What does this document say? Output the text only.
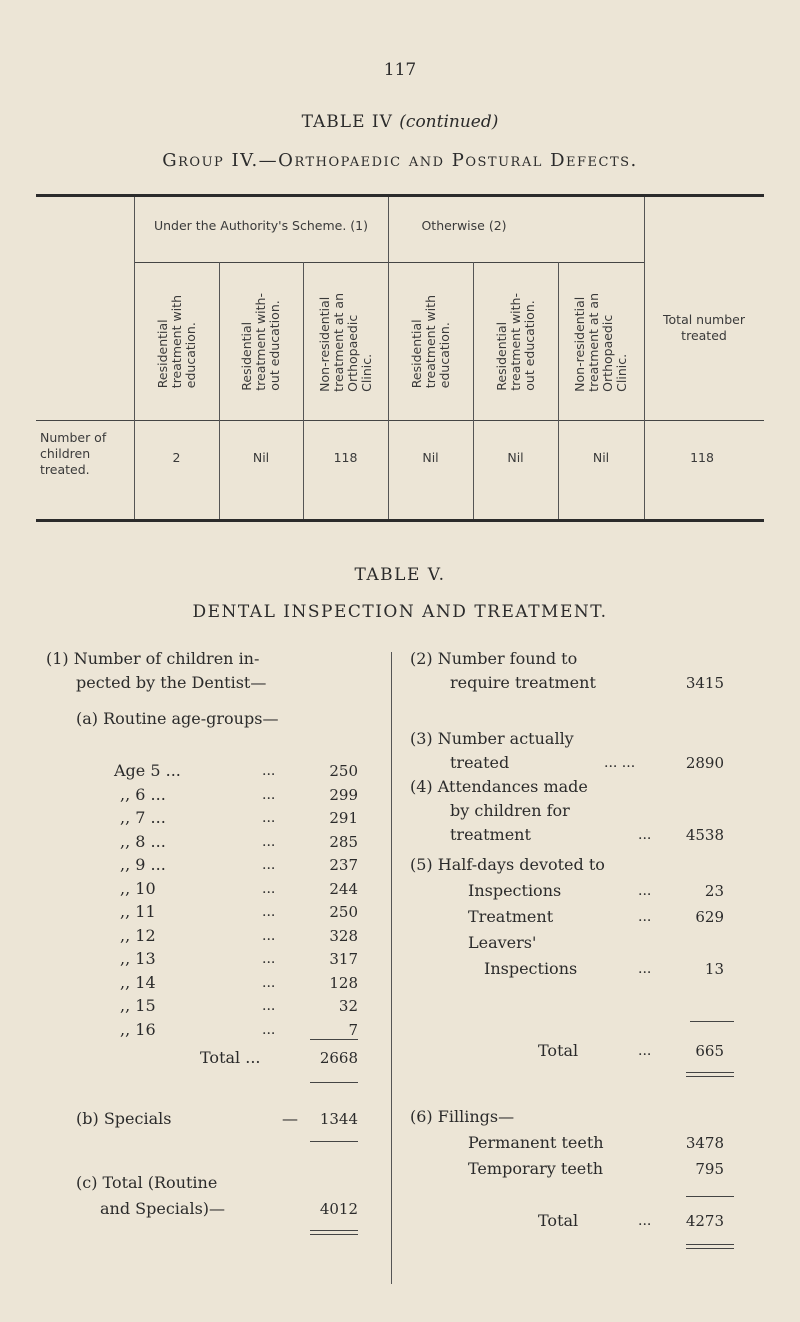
117
TABLE IV (continued)
Group IV.—Orthopaedic and Postural Defects.
Under the Authority's Scheme. (1)	Otherwise (2)
Residential
treatment with
education.	Residential
treatment with-
out education.	Non-residential
treatment at an
Orthopaedic
Clinic.	Residential
treatment with
education.	Residential
treatment with-
out education.	Non-residential
treatment at an
Orthopaedic
Clinic.
Total number treated
Number of children treated.
2	Nil	118	Nil	Nil	Nil	118
TABLE V.
DENTAL INSPECTION AND TREATMENT.
(1) Number of children in-
pected by the Dentist—
(a) Routine age-groups—
Age 5 ...	...	250
,, 6 ...	...	299
,, 7 ...	...	291
,, 8 ...	...	285
,, 9 ...	...	237
,, 10	...	244
,, 11	...	250
,, 12	...	328
,, 13	...	317
,, 14	...	128
,, 15	...	32
,, 16	...	7
Total ...	2668
(b) Specials	—	1344
(c) Total (Routine
and Specials)—	4012
(2) Number found to
require treatment	3415
(3) Number actually
treated	... ...	2890
(4) Attendances made
by children for
treatment	...	4538
(5) Half-days devoted to
Inspections	...	23
Treatment	...	629
Leavers'
Inspections	...	13
Total	...	665
(6) Fillings—
Permanent teeth	3478
Temporary teeth	795
Total	...	4273
